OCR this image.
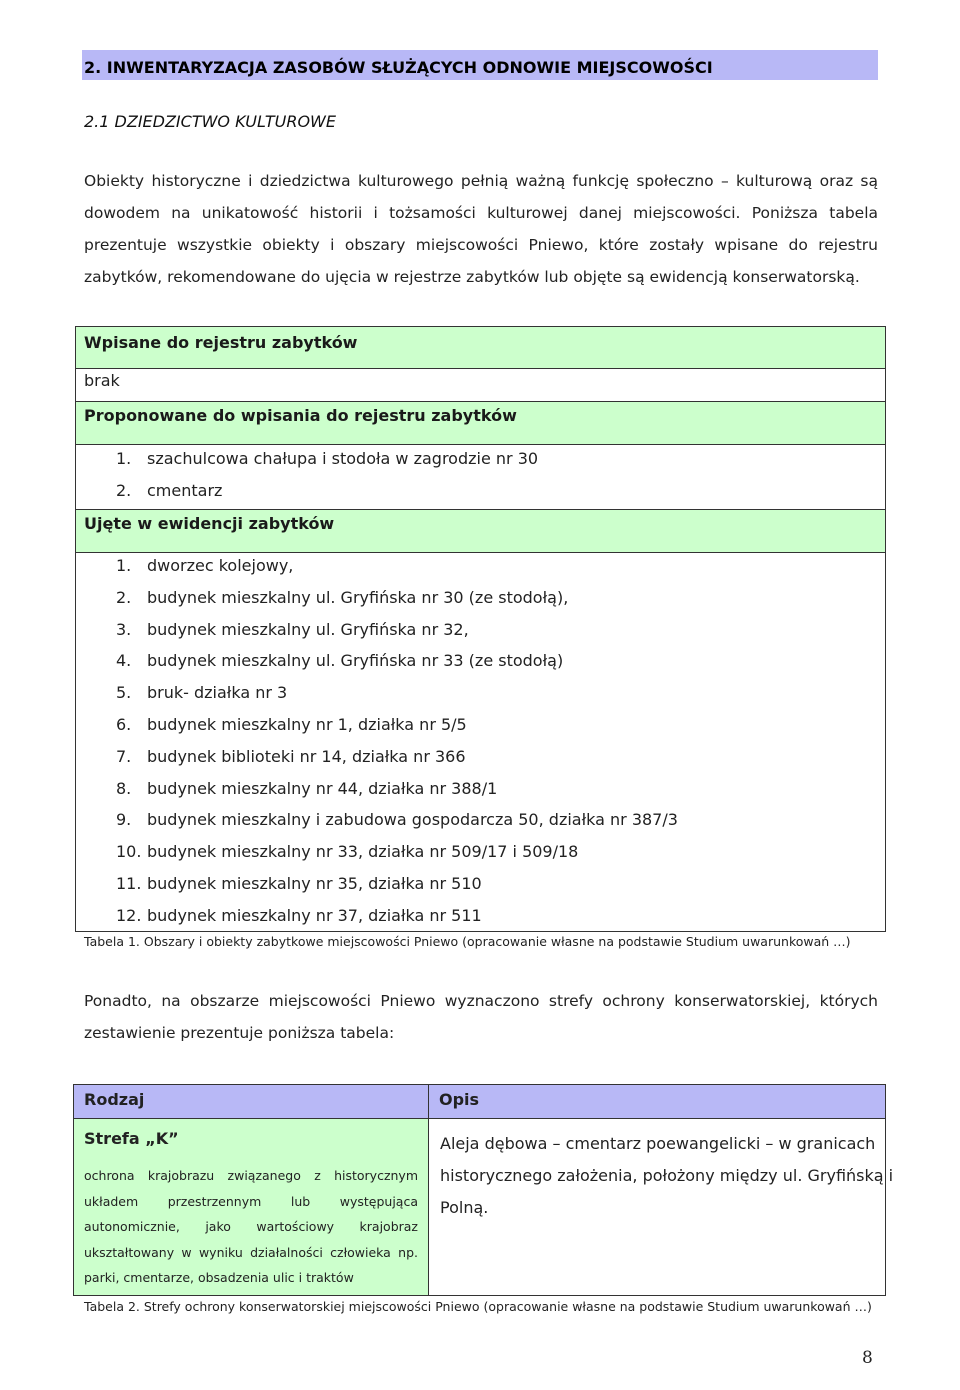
2. INWENTARYZACJA ZASOBÓW SŁUŻĄCYCH ODNOWIE MIEJSCOWOŚCI
2.1 DZIEDZICTWO KULTUROWE
Obiekty historyczne i dziedzictwa kulturowego pełnią ważną funkcję społeczno – kulturową oraz są
dowodem na unikatowość historii i tożsamości kulturowej danej miejscowości. Poniższa tabela
prezentuje wszystkie obiekty i obszary miejscowości Pniewo, które zostały wpisane do rejestru
zabytków, rekomendowane do ujęcia w rejestrze zabytków lub objęte są ewidencją konserwatorską.
Wpisane do rejestru zabytków
brak
Proponowane do wpisania do rejestru zabytków
1. szachulcowa chałupa i stodoła w zagrodzie nr 30
2. cmentarz
Ujęte w ewidencji zabytków
1. dworzec kolejowy,
2. budynek mieszkalny ul. Gryfińska nr 30 (ze stodołą),
3. budynek mieszkalny ul. Gryfińska nr 32,
4. budynek mieszkalny ul. Gryfińska nr 33 (ze stodołą)
5. bruk- działka nr 3
6. budynek mieszkalny nr 1, działka nr 5/5
7. budynek biblioteki nr 14, działka nr 366
8. budynek mieszkalny nr 44, działka nr 388/1
9. budynek mieszkalny i zabudowa gospodarcza 50, działka nr 387/3
10. budynek mieszkalny nr 33, działka nr 509/17 i 509/18
11. budynek mieszkalny nr 35, działka nr 510
12. budynek mieszkalny nr 37, działka nr 511
Tabela 1. Obszary i obiekty zabytkowe miejscowości Pniewo (opracowanie własne na podstawie Studium uwarunkowań …)
Ponadto, na obszarze miejscowości Pniewo wyznaczono strefy ochrony konserwatorskiej, których
zestawienie prezentuje poniższa tabela:
Rodzaj	Opis
Strefa „K”
ochrona krajobrazu związanego z historycznym
układem przestrzennym lub występująca
autonomicznie, jako wartościowy krajobraz
ukształtowany w wyniku działalności człowieka np.
parki, cmentarze, obsadzenia ulic i traktów
Aleja dębowa – cmentarz poewangelicki – w granicach
historycznego założenia, położony między ul. Gryfińską i
Polną.
Tabela 2. Strefy ochrony konserwatorskiej miejscowości Pniewo (opracowanie własne na podstawie Studium uwarunkowań …)
8
